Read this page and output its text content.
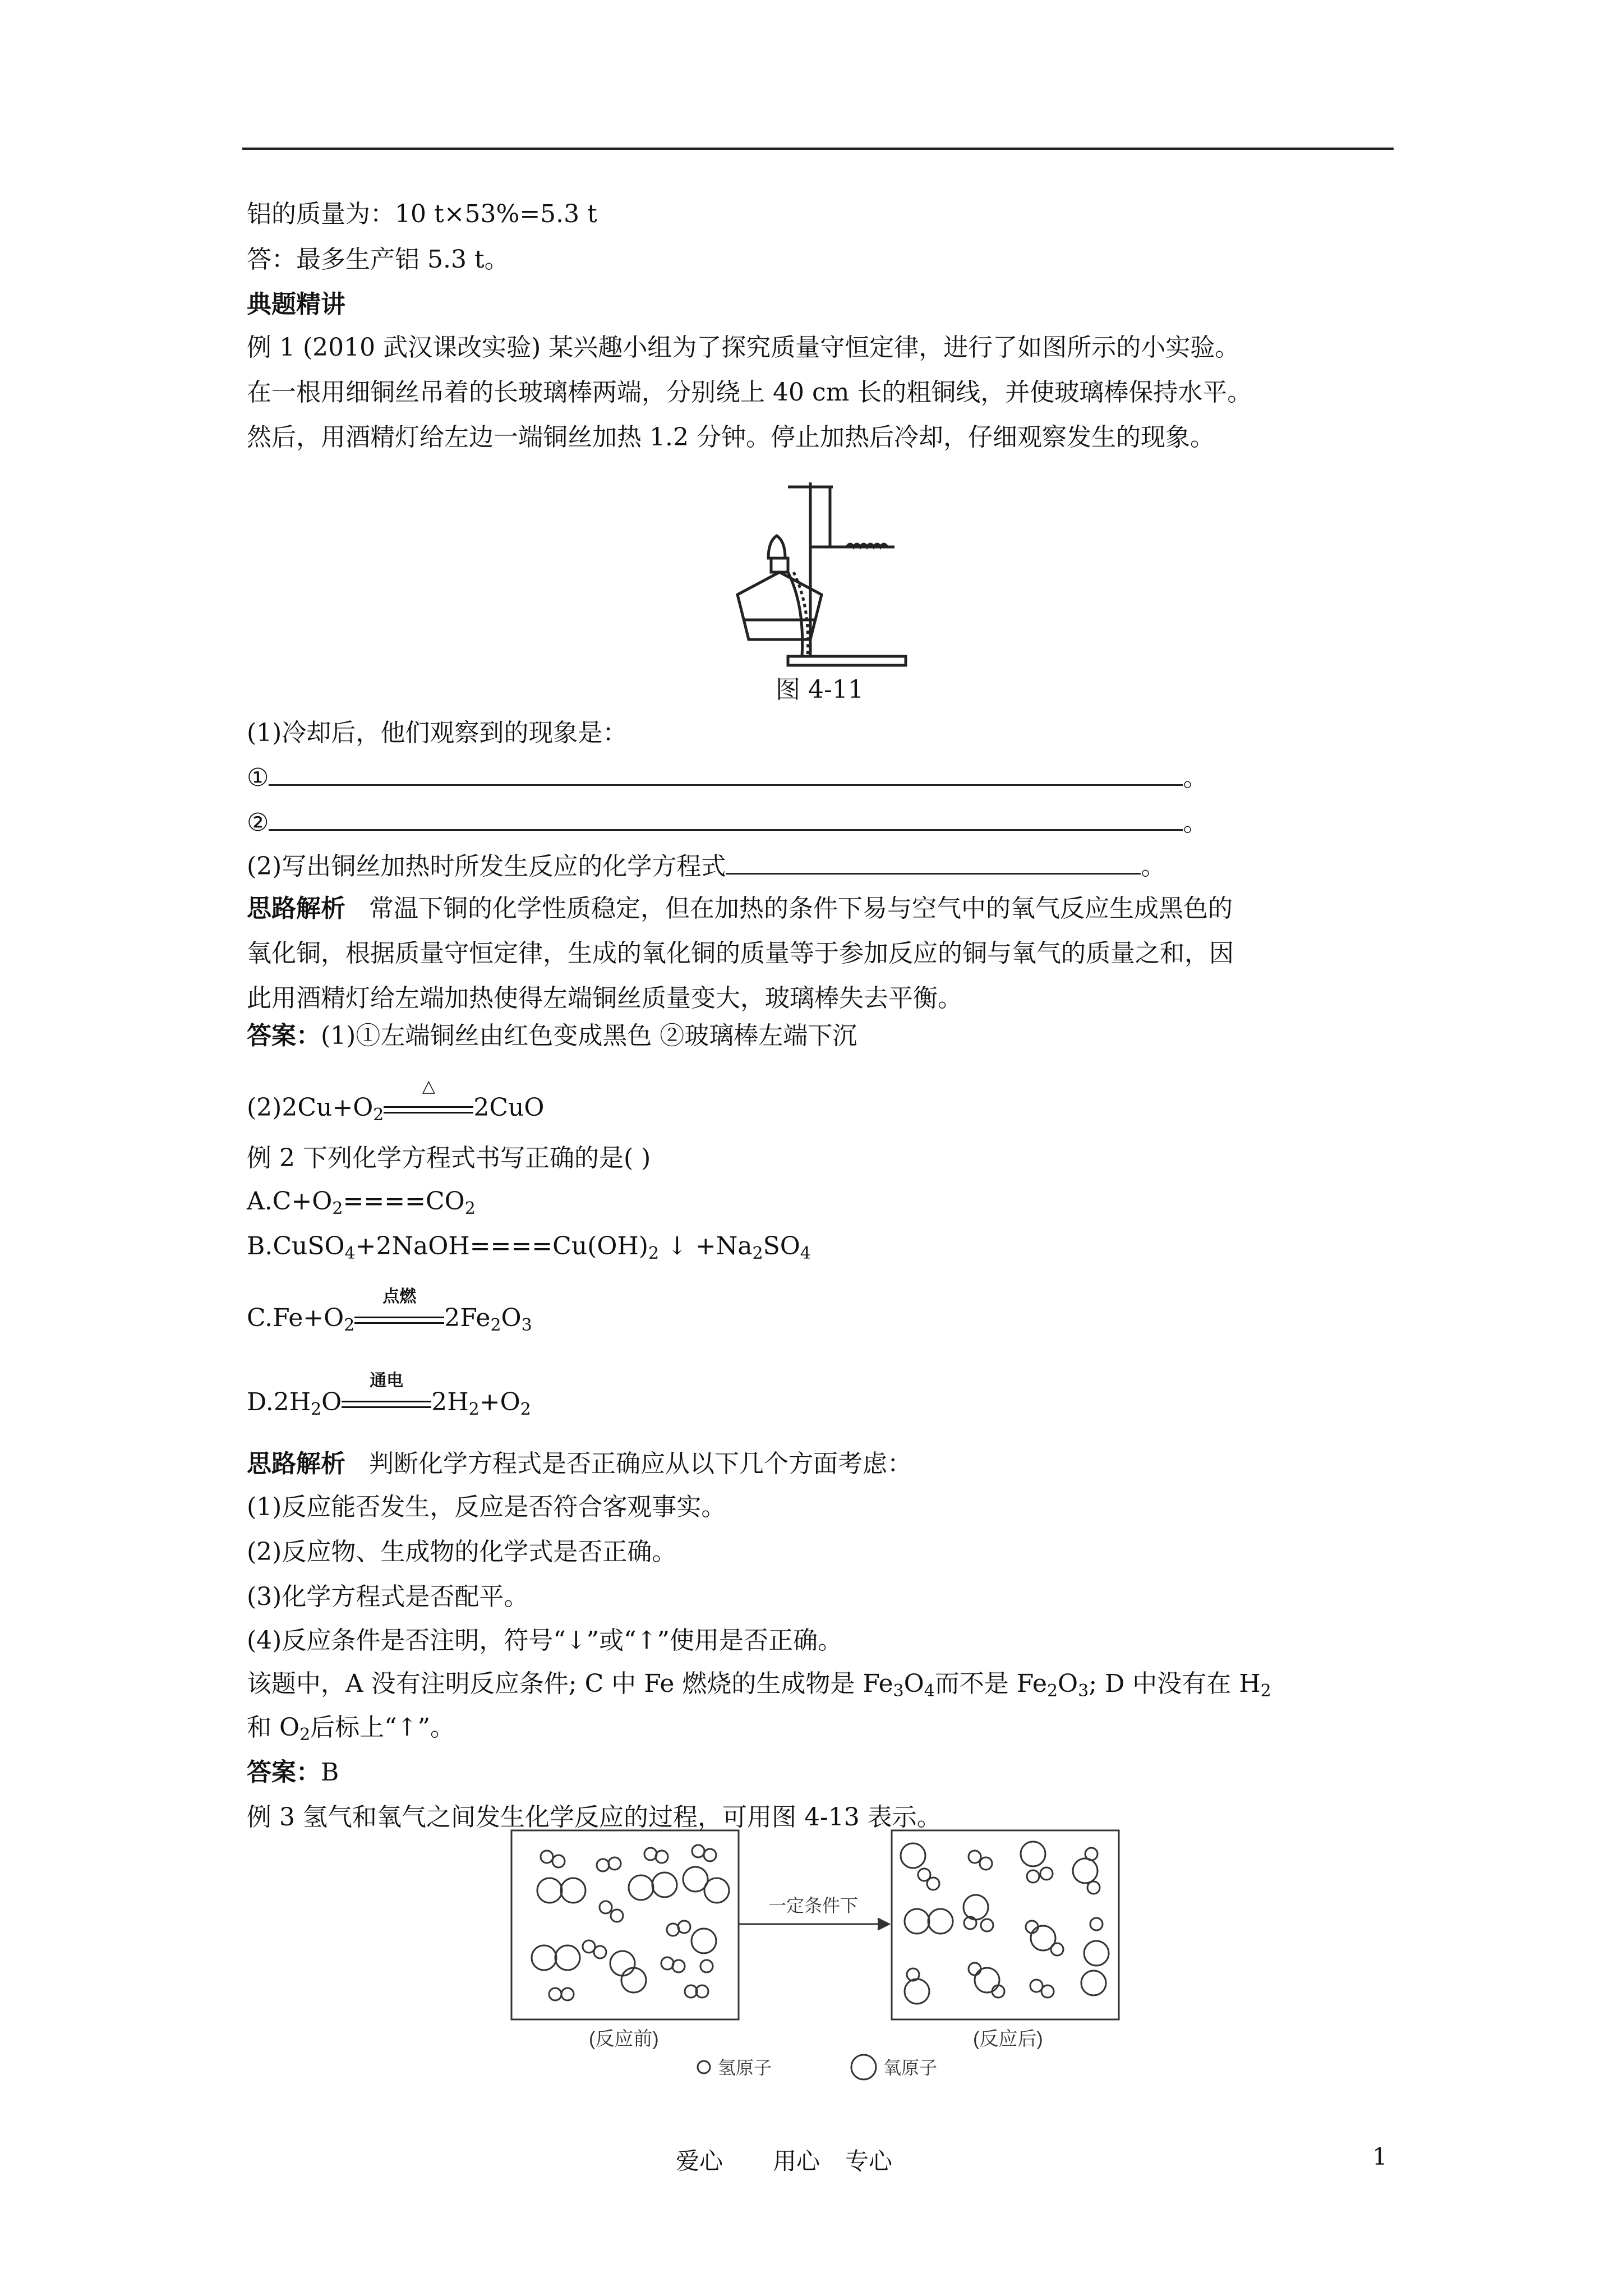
铝的质量为：10 t×53%=5.3 t
答：最多生产铝 5.3 t。
典题精讲
例 1 (2010 武汉课改实验) 某兴趣小组为了探究质量守恒定律，进行了如图所示的小实验。
在一根用细铜丝吊着的长玻璃棒两端，分别绕上 40 cm 长的粗铜线，并使玻璃棒保持水平。
然后，用酒精灯给左边一端铜丝加热 1.2 分钟。停止加热后冷却，仔细观察发生的现象。
图 4-11
(1)冷却后，他们观察到的现象是：
①	。
②	。
(2)写出铜丝加热时所发生反应的化学方程式	。
思路解析 常温下铜的化学性质稳定，但在加热的条件下易与空气中的氧气反应生成黑色的
氧化铜，根据质量守恒定律，生成的氧化铜的质量等于参加反应的铜与氧气的质量之和，因
此用酒精灯给左端加热使得左端铜丝质量变大，玻璃棒失去平衡。
答案：(1)①左端铜丝由红色变成黑色 ②玻璃棒左端下沉
$(2)2Cu+O_2$
△
2CuO
例 2 下列化学方程式书写正确的是( )
$A.C+O_2====CO_2$
$B.CuSO_4+2NaOH====Cu(OH)_2$ ↓ $+Na_2SO_4$
$C.Fe+O_2$
点燃
$2Fe_2O_3$
$D.2H_2O$
通电
$2H_2+O_2$
思路解析 判断化学方程式是否正确应从以下几个方面考虑：
(1)反应能否发生，反应是否符合客观事实。
(2)反应物、生成物的化学式是否正确。
(3)化学方程式是否配平。
(4)反应条件是否注明，符号“↓”或“↑”使用是否正确。
该题中，A 没有注明反应条件; C 中 Fe 燃烧的生成物是 $Fe_3O_4$而不是 $Fe_2O_3$; D 中没有在 $H_2$
和 $O_2$后标上“↑”。
答案：B
例 3 氢气和氧气之间发生化学反应的过程，可用图 4-13 表示。
一定条件下
(反应前)	(反应后)
氢原子	氧原子
爱心 用心 专心	1
